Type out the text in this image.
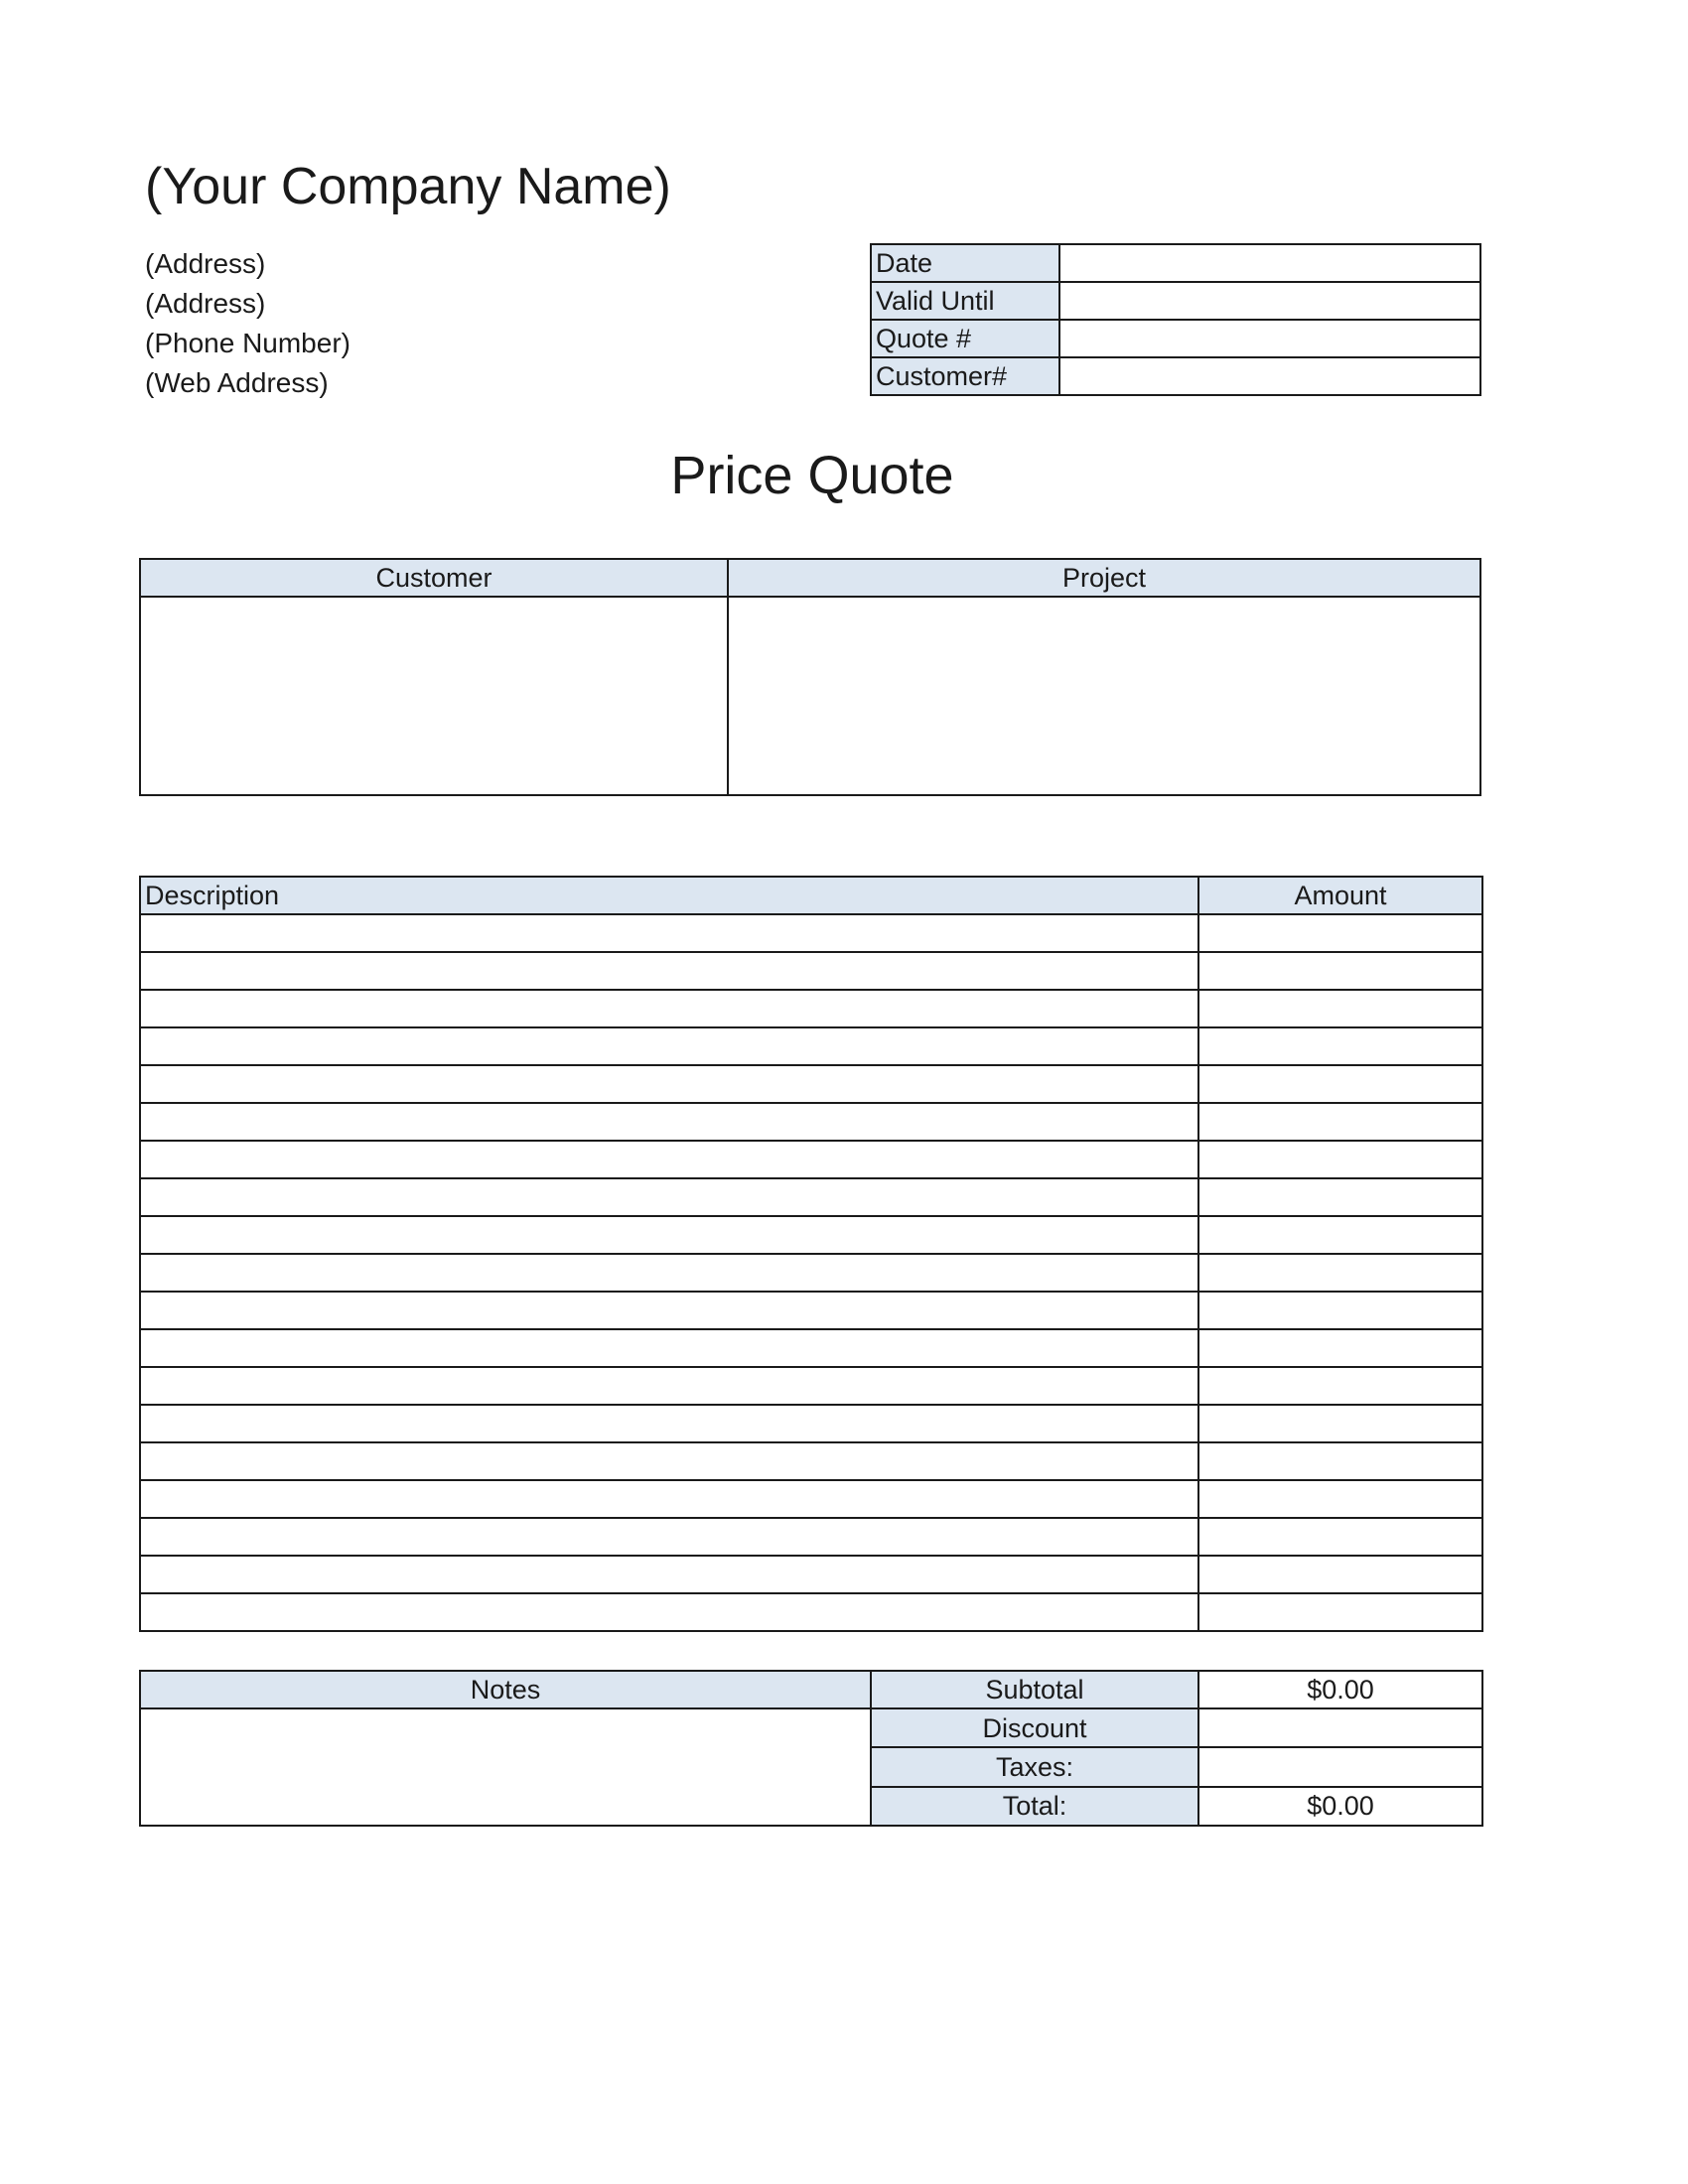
(Your Company Name)
(Address)
(Address)
(Phone Number)
(Web Address)
Date	
Valid Until	
Quote #	
Customer#	
Price Quote
Customer	Project

Description	Amount

Notes	Subtotal	$0.00
	Discount	
	Taxes:	
	Total:	$0.00
